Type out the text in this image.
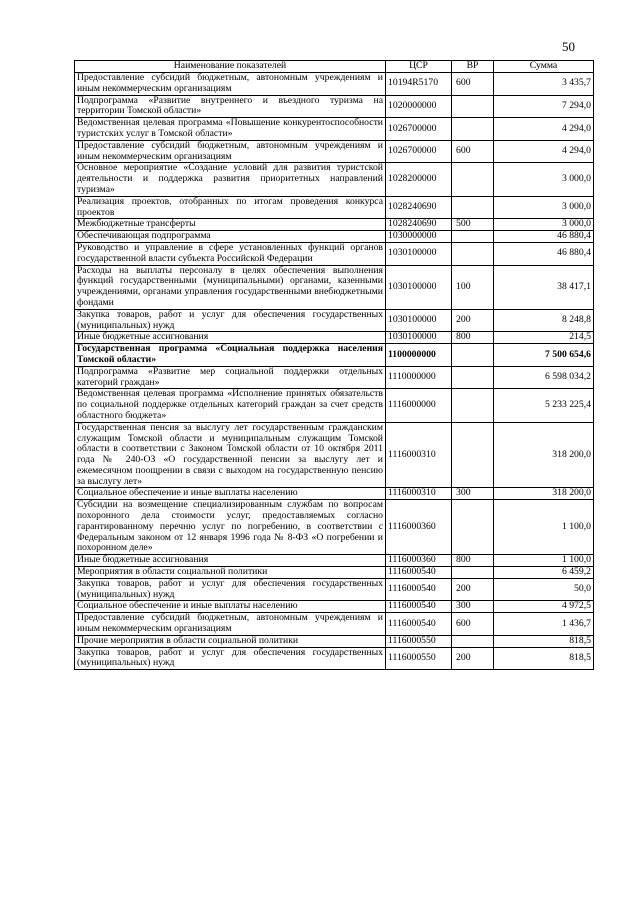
50
Наименование показателей	ЦСР	ВР	Сумма
Предоставление субсидий бюджетным, автономным учреждениям и иным некоммерческим организациям	10194R5170	600	3 435,7
Подпрограмма «Развитие внутреннего и въездного туризма на территории Томской области»	1020000000		7 294,0
Ведомственная целевая программа «Повышение конкурентоспособности туристских услуг в Томской области»	1026700000		4 294,0
Предоставление субсидий бюджетным, автономным учреждениям и иным некоммерческим организациям	1026700000	600	4 294,0
Основное мероприятие «Создание условий для развития туристской деятельности и поддержка развития приоритетных направлений туризма»	1028200000		3 000,0
Реализация проектов, отобранных по итогам проведения конкурса проектов	1028240690		3 000,0
Межбюджетные трансферты	1028240690	500	3 000,0
Обеспечивающая подпрограмма	1030000000		46 880,4
Руководство и управление в сфере установленных функций органов государственной власти субъекта Российской Федерации	1030100000		46 880,4
Расходы на выплаты персоналу в целях обеспечения выполнения функций государственными (муниципальными) органами, казенными учреждениями, органами управления государственными внебюджетными фондами	1030100000	100	38 417,1
Закупка товаров, работ и услуг для обеспечения государственных (муниципальных) нужд	1030100000	200	8 248,8
Иные бюджетные ассигнования	1030100000	800	214,5
Государственная программа «Социальная поддержка населения Томской области»	1100000000		7 500 654,6
Подпрограмма «Развитие мер социальной поддержки отдельных категорий граждан»	1110000000		6 598 034,2
Ведомственная целевая программа «Исполнение принятых обязательств по социальной поддержке отдельных категорий граждан за счет средств областного бюджета»	1116000000		5 233 225,4
Государственная пенсия за выслугу лет государственным гражданским служащим Томской области и муниципальным служащим Томской области в соответствии с Законом Томской области от 10 октября 2011 года № 240-ОЗ «О государственной пенсии за выслугу лет и ежемесячном поощрении в связи с выходом на государственную пенсию за выслугу лет»	1116000310		318 200,0
Социальное обеспечение и иные выплаты населению	1116000310	300	318 200,0
Субсидии на возмещение специализированным службам по вопросам похоронного дела стоимости услуг, предоставляемых согласно гарантированному перечню услуг по погребению, в соответствии с Федеральным законом от 12 января 1996 года № 8-ФЗ «О погребении и похоронном деле»	1116000360		1 100,0
Иные бюджетные ассигнования	1116000360	800	1 100,0
Мероприятия в области социальной политики	1116000540		6 459,2
Закупка товаров, работ и услуг для обеспечения государственных (муниципальных) нужд	1116000540	200	50,0
Социальное обеспечение и иные выплаты населению	1116000540	300	4 972,5
Предоставление субсидий бюджетным, автономным учреждениям и иным некоммерческим организациям	1116000540	600	1 436,7
Прочие мероприятия в области социальной политики	1116000550		818,5
Закупка товаров, работ и услуг для обеспечения государственных (муниципальных) нужд	1116000550	200	818,5
